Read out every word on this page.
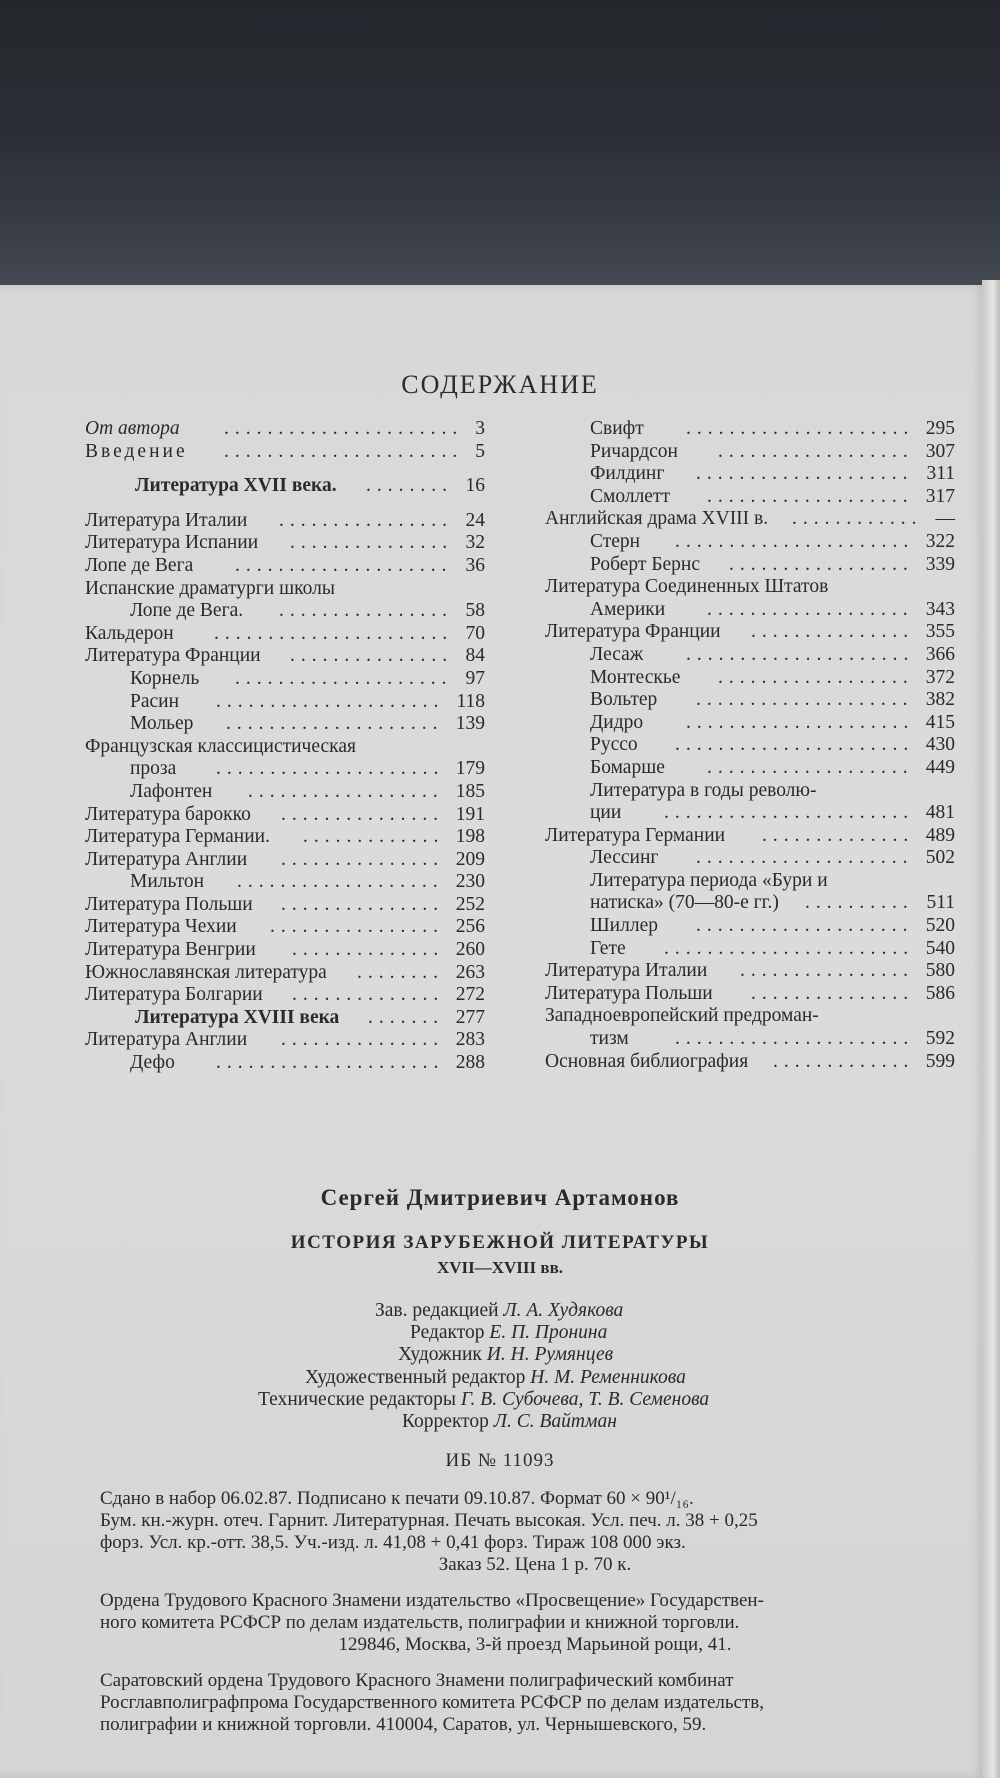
СОДЕРЖАНИЕ
От автора ...................... 3
Введение ...................... 5
Литература XVII века. ........ 16
Литература Италии ................ 24
Литература Испании ............... 32
Лопе де Вега .................... 36
Испанские драматурги школы
Лопе де Вега. ................ 58
Кальдерон ...................... 70
Литература Франции ............... 84
Корнель .................... 97
Расин ..................... 118
Мольер .................... 139
Французская классицистическая
проза ..................... 179
Лафонтен .................. 185
Литература барокко ............... 191
Литература Германии. ............. 198
Литература Англии ............... 209
Мильтон ................... 230
Литература Польши ............... 252
Литература Чехии ................ 256
Литература Венгрии .............. 260
Южнославянская литература ........ 263
Литература Болгарии .............. 272
Литература XVIII века ....... 277
Литература Англии ............... 283
Дефо ..................... 288
Свифт ..................... 295
Ричардсон .................. 307
Филдинг .................... 311
Смоллетт ................... 317
Английская драма XVIII в. ............ —
Стерн ...................... 322
Роберт Бернс ................. 339
Литература Соединенных Штатов
Америки ................... 343
Литература Франции ............... 355
Лесаж ..................... 366
Монтескье .................. 372
Вольтер .................... 382
Дидро ..................... 415
Руссо ...................... 430
Бомарше ................... 449
Литература в годы револю-
ции ....................... 481
Литература Германии .............. 489
Лессинг .................... 502
Литература периода «Бури и
натиска» (70—80-е гг.) .......... 511
Шиллер .................... 520
Гете ....................... 540
Литература Италии ................ 580
Литература Польши ............... 586
Западноевропейский предроман-
тизм ...................... 592
Основная библиография ............. 599
Сергей Дмитриевич Артамонов
ИСТОРИЯ ЗАРУБЕЖНОЙ ЛИТЕРАТУРЫ
XVII—XVIII вв.
Зав. редакцией Л. А. Худякова
Редактор Е. П. Пронина
Художник И. Н. Румянцев
Художественный редактор Н. М. Ременникова
Технические редакторы Г. В. Субочева, Т. В. Семенова
Корректор Л. С. Вайтман
ИБ № 11093
Сдано в набор 06.02.87. Подписано к печати 09.10.87. Формат 60 × 90¹/₁₆.
Бум. кн.-журн. отеч. Гарнит. Литературная. Печать высокая. Усл. печ. л. 38 + 0,25
форз. Усл. кр.-отт. 38,5. Уч.-изд. л. 41,08 + 0,41 форз. Тираж 108 000 экз.
Заказ 52. Цена 1 р. 70 к.
Ордена Трудового Красного Знамени издательство «Просвещение» Государствен-
ного комитета РСФСР по делам издательств, полиграфии и книжной торговли.
129846, Москва, 3-й проезд Марьиной рощи, 41.
Саратовский ордена Трудового Красного Знамени полиграфический комбинат
Росглавполиграфпрома Государственного комитета РСФСР по делам издательств,
полиграфии и книжной торговли. 410004, Саратов, ул. Чернышевского, 59.
